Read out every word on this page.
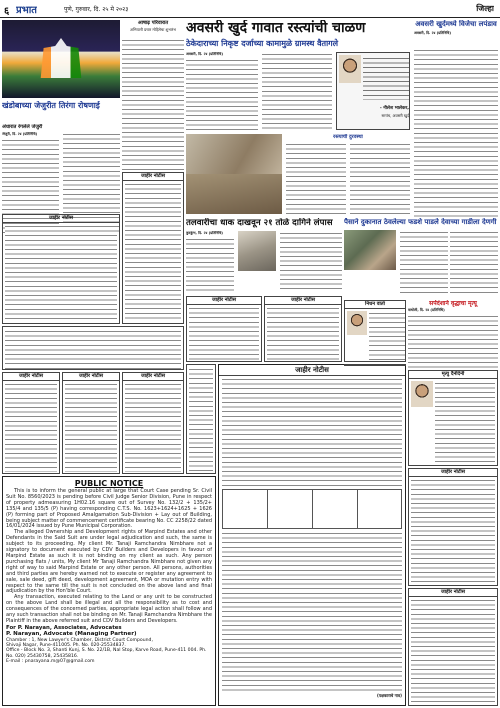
६ प्रभात	पुणे, गुरुवार, दि. २५ मे २०२३	जिल्हा
खंडोबाच्या जेजुरीत तिरंगा रोषणाई
अंधारात रंगलेले जेजुरी
जेजुरी, दि. २४ (प्रतिनिधि)
आषाढ़ परिवारात
अभियानी प्रचार मोहिमेचा शुभारंभ अवसरी खुर्द गावात रस्त्यांची चाळण
ठेकेदाराच्या निकृष्ट दर्जाच्या कामामुळे ग्रामस्थ वैतागले
अवसरी, दि. २४ (प्रतिनिधि)
- नीलेश भालेकर,
सरपंच, अवसरी खुर्द
रस्त्याची दुरवस्था
अवसरी खुर्दमध्ये विजेचा लपंडाव
अवसरी, दि. २४ (प्रतिनिधि)
जाहीर नोटीस
जाहीर नोटीस
जाहीर नोटीस	जाहीर नोटीस	जाहीर नोटीस
PUBLIC NOTICE
This is to inform the general public at large that Court Case pending Sr. Civil Suit No. 8560/2023 is pending before Civil Judge Senior Division, Pune in respect of property admeasuring 1H02.16 square out of Survey No. 132/2 + 135/2+ 135/4 and 135/5 (P) having corresponding C.T.S. No. 1623+1624+1625 + 1626 (P) forming part of Proposed Amalgamation Sub-Division + Lay out of Building, being subject matter of commencement certificate bearing No. CC 2258/22 dated 16/01/2024 issued by Pune Municipal Corporation.
The alleged Ownership and Development rights of Marpind Estates and other Defendants in the Said Suit are under legal adjudication and such, the same is subject to its proceeding. My client Mr. Tanaji Ramchandra Nimbhare not a signatory to document executed by CDV Builders and Developers in favour of Marpind Estate as such it is not binding on my client as such. Any person purchasing flats / units, My client Mr Tanaji Ramchandra Nimbhare not given any right of way to said Marpind Estate or any other person. All persons, authorities and third parties are hereby warned not to execute or register any agreement to sale, sale deed, gift deed, development agreement, MOA or mutation entry with respect to the same till the suit is not concluded on the above land and final adjudication by the Hon'ble Court.
Any transaction, executed relating to the Land or any unit to be constructed on the above Land shall be illegal and all the responsibility as to cost and consequences of the concerned parties, appropriate legal action shall follow and any such transaction shall not be binding on Mr. Tanaji Ramchandra Nimbhare the Plaintiff in the above referred suit and CDV Builders and Developers.
For P. Narayan, Associates, Advocates
P. Narayan, Advocate (Managing Partner)
Chamber : 1, New Lawyer's Chamber, District Court Compound,
Shivaji Nagar, Pune-411005. Ph. No. 020-25534837.
Office - Block No. 3, Shanti Kunj, S. No. 22/1B, Nal Stop, Karve Road, Pune-411 004. Ph. No. 020) 25430758, 25435816.
E-mail : pnarayana.m@07@gmail.com
तलवारीचा धाक दाखवून २१ तोळे दागिने लंपास
कुरकुंभ, दि. २४ (प्रतिनिधि)
जाहीर नोटीस	जाहीर नोटीस
जाहीर नोटीस
(पक्षकाराचे नाव)
पैसाने दुकानात ठेवलेल्या फडशे पाडले देवाच्या गाडीला देणगी
सर्पदंशाने वृद्धाचा मृत्यू
वाघोली, दि. २४ (प्रतिनिधि)
निधन वार्ता
मृत्यु दैनंदिनी
जाहीर नोटीस
जाहीर नोटीस
